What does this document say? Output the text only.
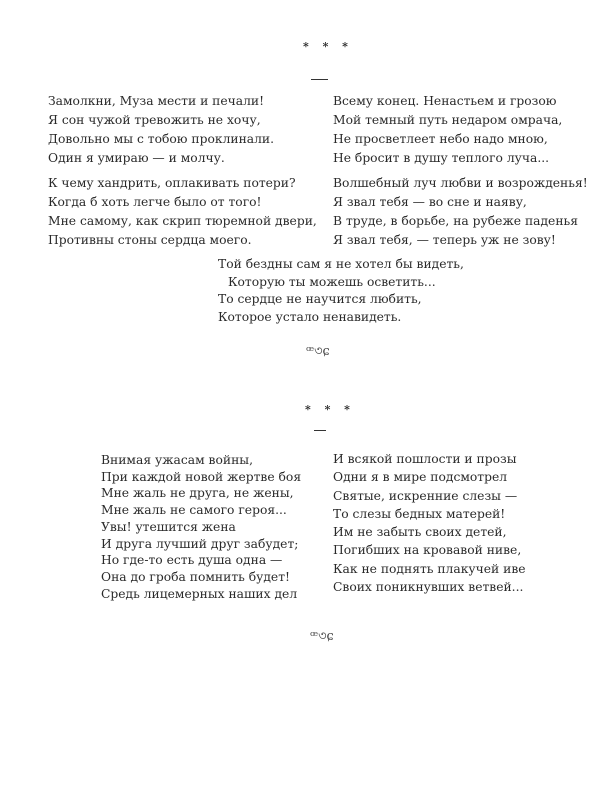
* * *
Замолкни, Муза мести и печали!
Я сон чужой тревожить не хочу,
Довольно мы с тобою проклинали.
Один я умираю — и молчу.
К чему хандрить, оплакивать потери?
Когда б хоть легче было от того!
Мне самому, как скрип тюремной двери,
Противны стоны сердца моего.
Всему конец. Ненастьем и грозою
Мой темный путь недаром омрача,
Не просветлеет небо надо мною,
Не бросит в душу теплого луча...
Волшебный луч любви и возрожденья!
Я звал тебя — во сне и наяву,
В труде, в борьбе, на рубеже паденья
Я звал тебя, — теперь уж не зову!
Той бездны сам я не хотел бы видеть,
Которую ты можешь осветить...
То сердце не научится любить,
Которое устало ненавидеть.
ꟹ৩ɕ
* * *
Внимая ужасам войны,
При каждой новой жертве боя
Мне жаль не друга, не жены,
Мне жаль не самого героя...
Увы! утешится жена
И друга лучший друг забудет;
Но где-то есть душа одна —
Она до гроба помнить будет!
Средь лицемерных наших дел
И всякой пошлости и прозы
Одни я в мире подсмотрел
Святые, искренние слезы —
То слезы бедных матерей!
Им не забыть своих детей,
Погибших на кровавой ниве,
Как не поднять плакучей иве
Своих поникнувших ветвей...
ꟹ৩ɕ
